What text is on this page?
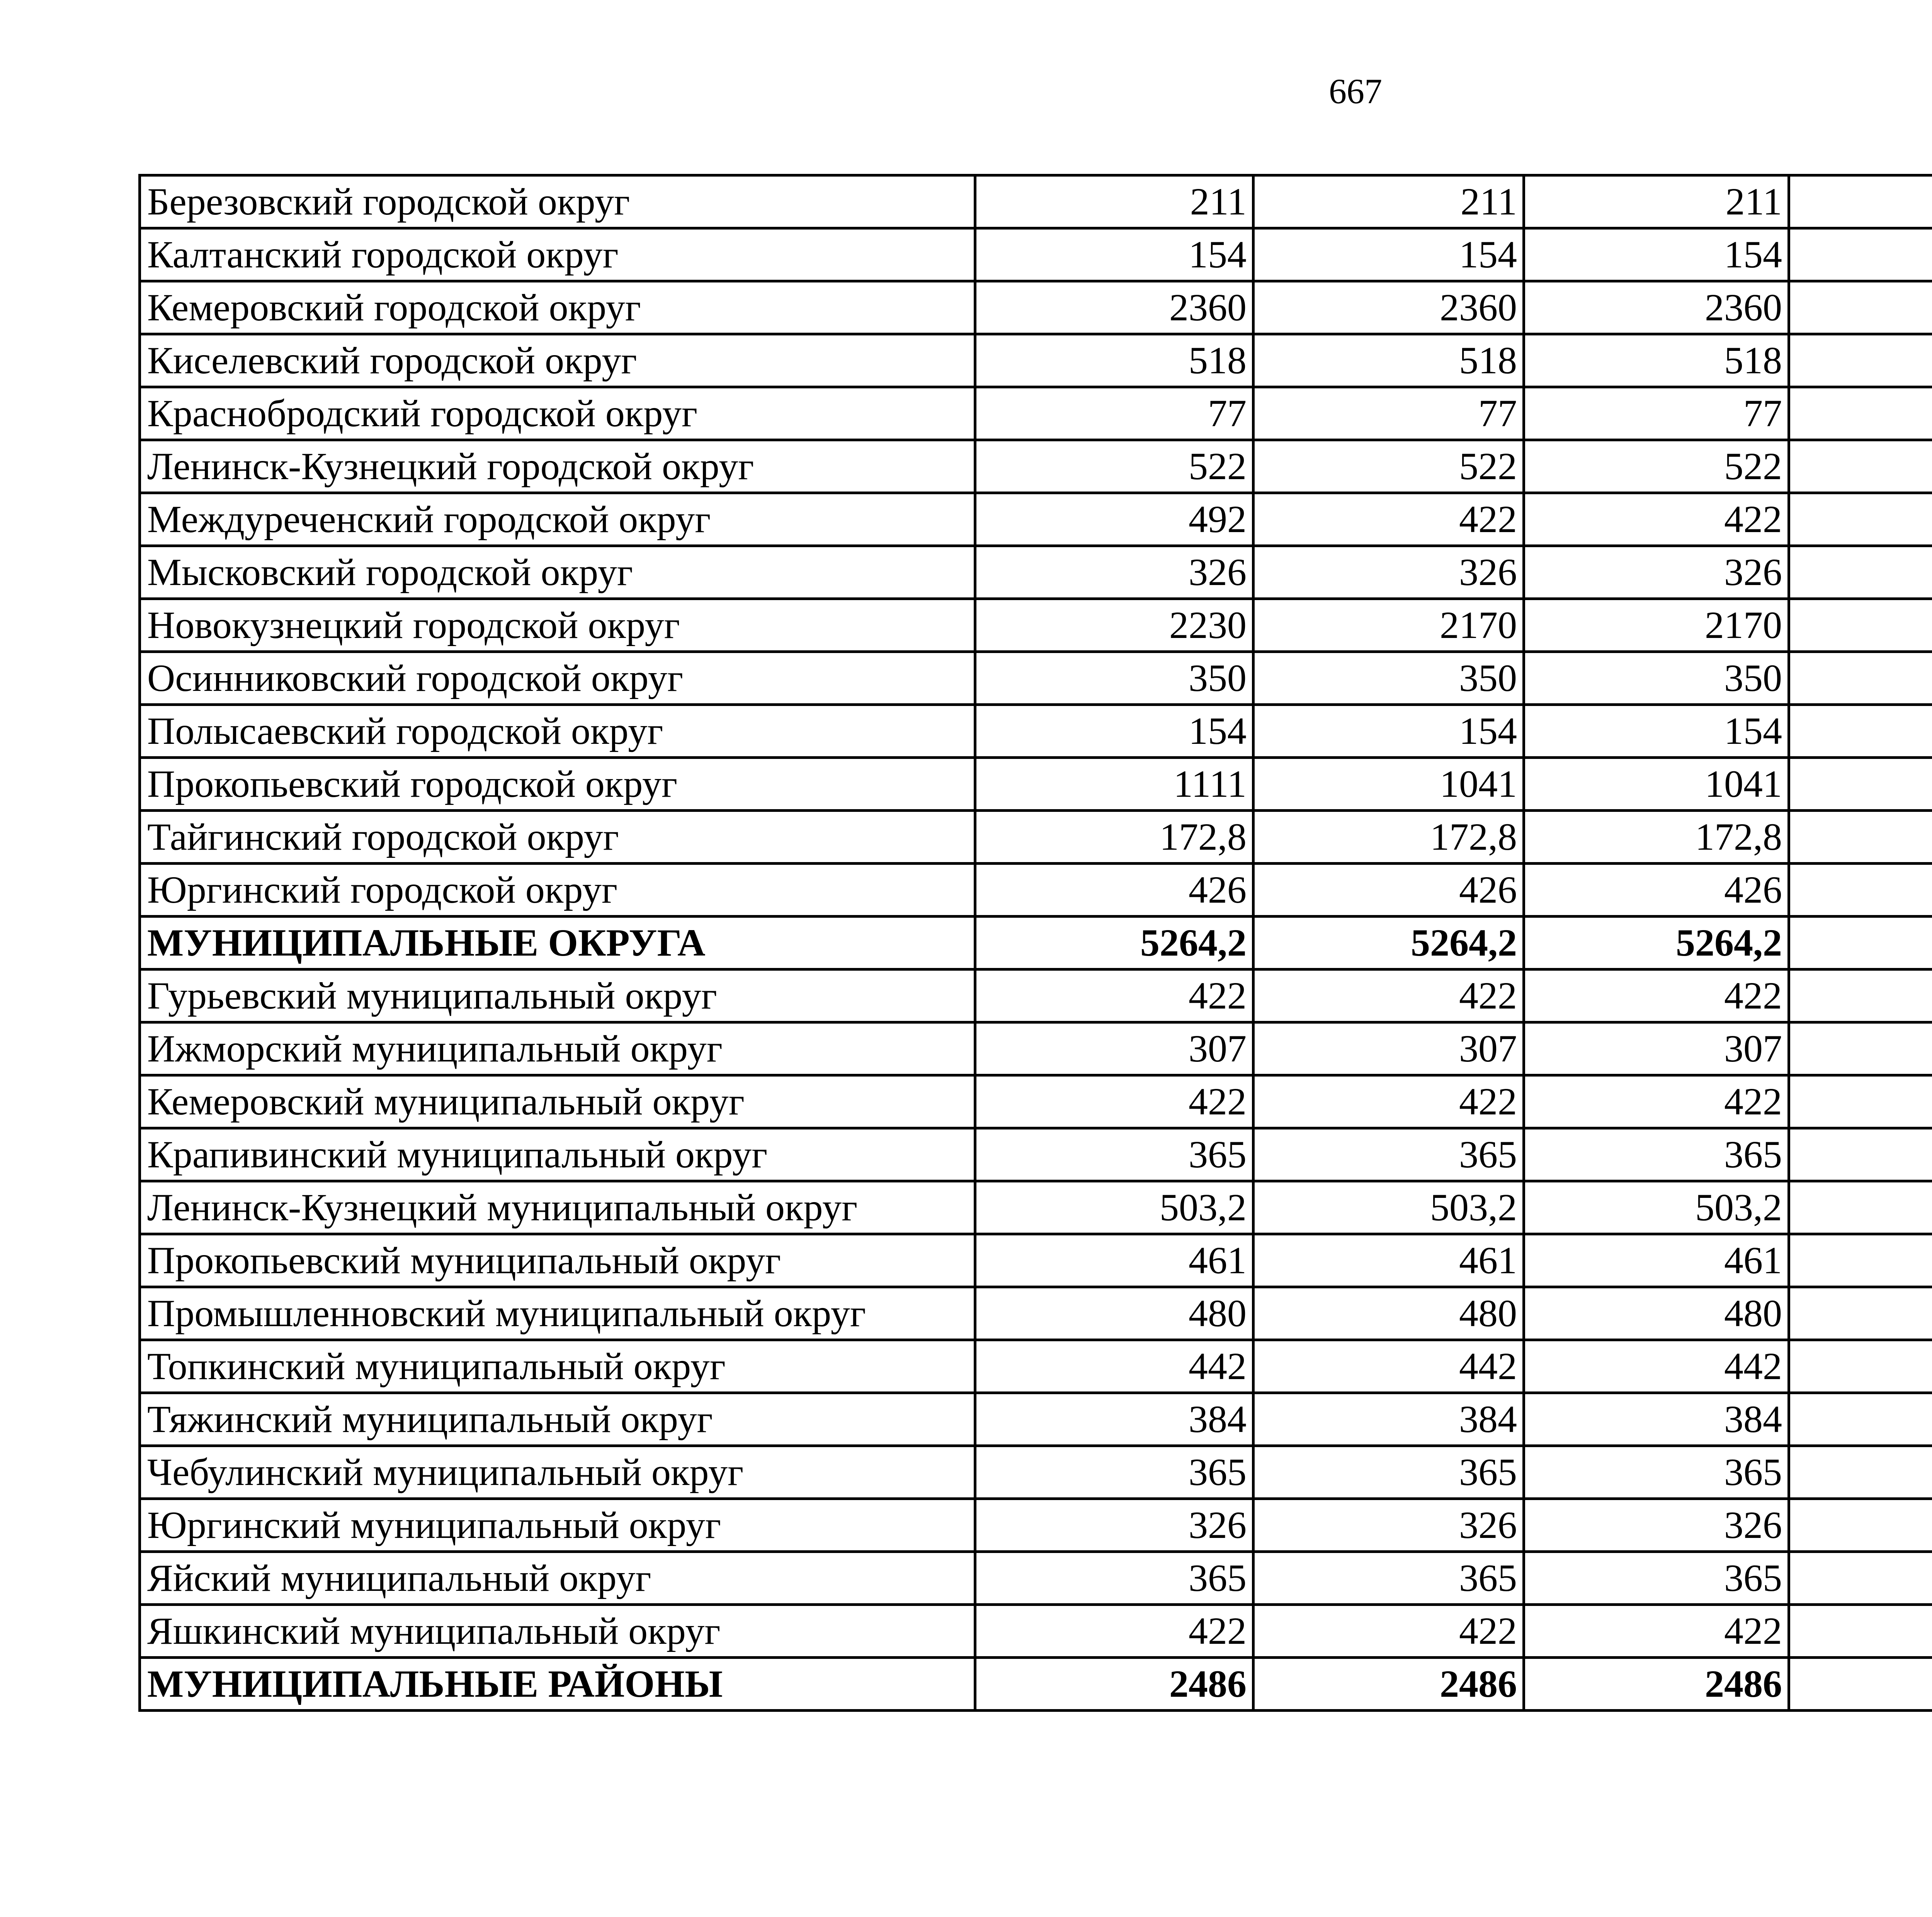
667
Березовский городской округ	211	211	211			
Калтанский городской округ	154	154	154			
Кемеровский городской округ	2360	2360	2360			
Киселевский городской округ	518	518	518			
Краснобродский городской округ	77	77	77			
Ленинск-Кузнецкий городской округ	522	522	522			
Междуреченский городской округ	492	422	422			
Мысковский городской округ	326	326	326			
Новокузнецкий городской округ	2230	2170	2170			
Осинниковский городской округ	350	350	350			
Полысаевский городской округ	154	154	154			
Прокопьевский городской округ	1111	1041	1041			
Тайгинский городской округ	172,8	172,8	172,8			
Юргинский городской округ	426	426	426			
МУНИЦИПАЛЬНЫЕ ОКРУГА	5264,2	5264,2	5264,2			
Гурьевский муниципальный округ	422	422	422			
Ижморский муниципальный округ	307	307	307			
Кемеровский муниципальный округ	422	422	422			
Крапивинский муниципальный округ	365	365	365			
Ленинск-Кузнецкий муниципальный округ	503,2	503,2	503,2			
Прокопьевский муниципальный округ	461	461	461			
Промышленновский муниципальный округ	480	480	480			
Топкинский муниципальный округ	442	442	442			
Тяжинский муниципальный округ	384	384	384			
Чебулинский муниципальный округ	365	365	365			
Юргинский муниципальный округ	326	326	326			
Яйский муниципальный округ	365	365	365			
Яшкинский муниципальный округ	422	422	422			
МУНИЦИПАЛЬНЫЕ РАЙОНЫ	2486	2486	2486			
